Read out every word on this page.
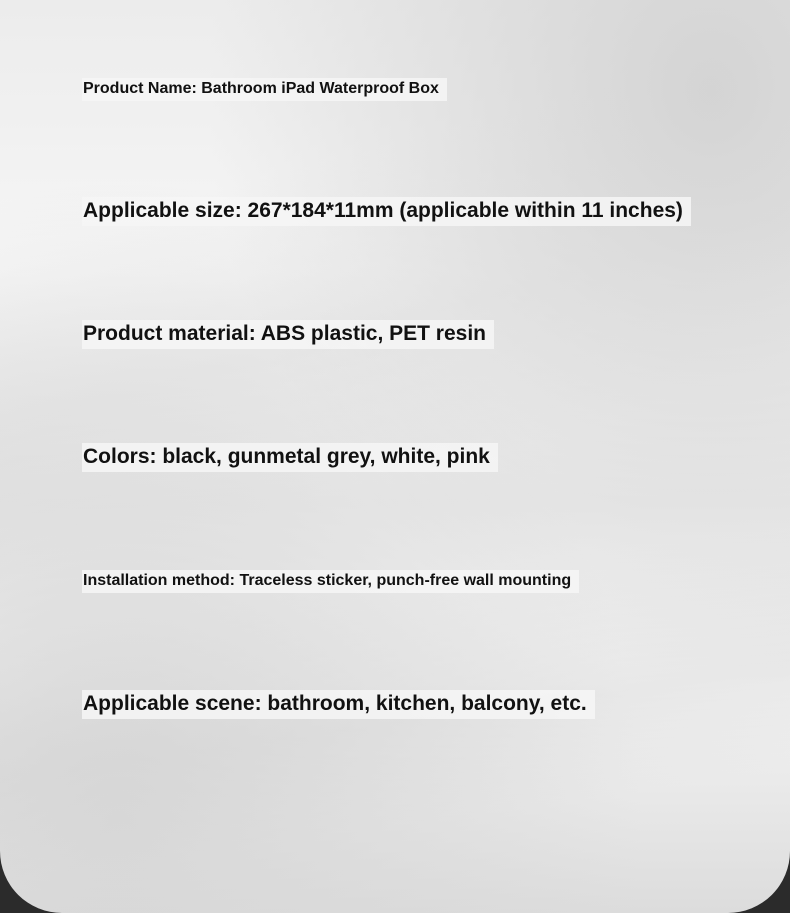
Product Name: Bathroom iPad Waterproof Box

Applicable size: 267*184*11mm (applicable within 11 inches)

Product material: ABS plastic, PET resin

Colors: black, gunmetal grey, white, pink

Installation method: Traceless sticker, punch-free wall mounting

Applicable scene: bathroom, kitchen, balcony, etc.
